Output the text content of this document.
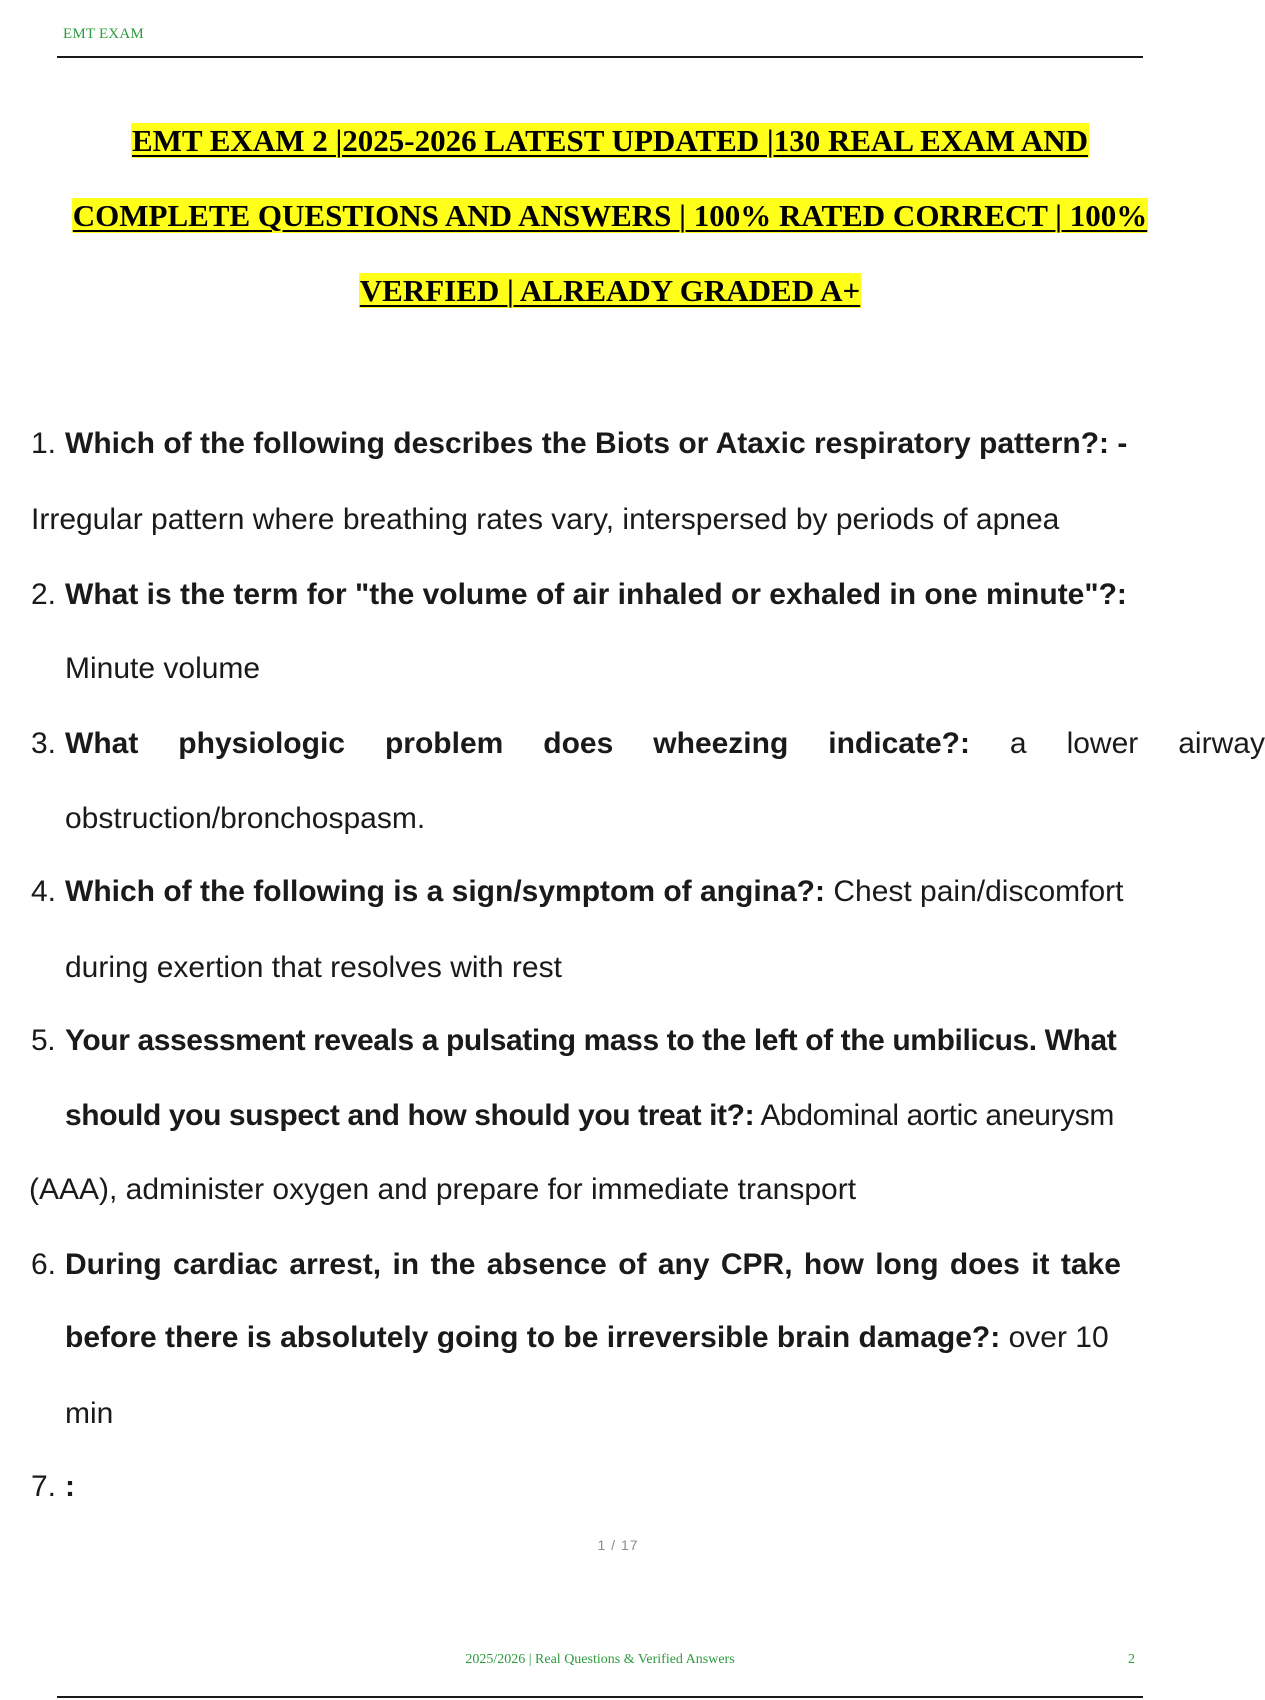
EMT EXAM
EMT EXAM 2 |2025-2026 LATEST UPDATED |130 REAL EXAM AND
COMPLETE QUESTIONS AND ANSWERS | 100% RATED CORRECT | 100%
VERFIED | ALREADY GRADED A+
1. Which of the following describes the Biots or Ataxic respiratory pattern?: -
Irregular pattern where breathing rates vary, interspersed by periods of apnea
2. What is the term for "the volume of air inhaled or exhaled in one minute"?:
Minute volume
3. What physiologic problem does wheezing indicate?: a lower airway
obstruction/bronchospasm.
4. Which of the following is a sign/symptom of angina?: Chest pain/discomfort
during exertion that resolves with rest
5. Your assessment reveals a pulsating mass to the left of the umbilicus. What
should you suspect and how should you treat it?: Abdominal aortic aneurysm
(AAA), administer oxygen and prepare for immediate transport
6. During cardiac arrest, in the absence of any CPR, how long does it take
before there is absolutely going to be irreversible brain damage?: over 10
min
7. :
1 / 17
2025/2026 | Real Questions & Verified Answers	2
